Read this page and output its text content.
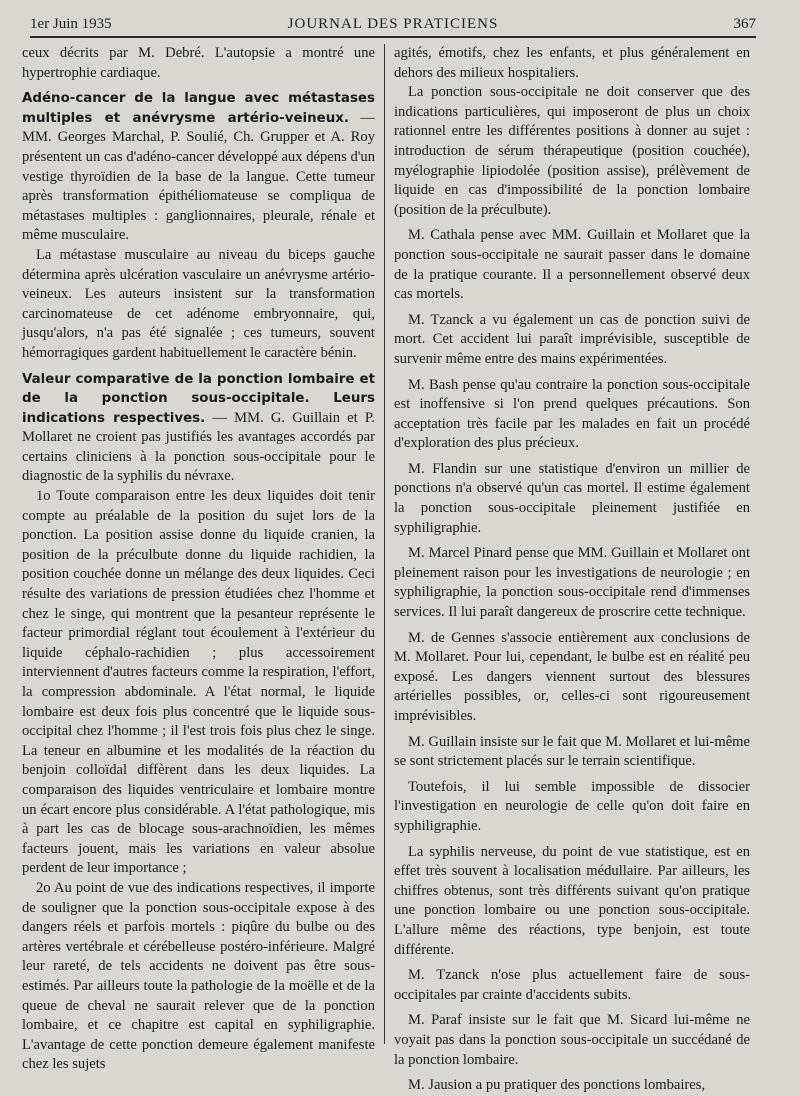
1er Juin 1935	JOURNAL DES PRATICIENS	367

ceux décrits par M. Debré. L'autopsie a montré une hypertrophie cardiaque.

Adéno-cancer de la langue avec métastases multiples et anévrysme artério-veineux. — MM. Georges Marchal, P. Soulié, Ch. Grupper et A. Roy présentent un cas d'adéno-cancer développé aux dépens d'un vestige thyroïdien de la base de la langue. Cette tumeur après transformation épithéliomateuse se compliqua de métastases multiples : ganglionnaires, pleurale, rénale et même musculaire.

La métastase musculaire au niveau du biceps gauche détermina après ulcération vasculaire un anévrysme artério-veineux. Les auteurs insistent sur la transformation carcinomateuse de cet adénome embryonnaire, qui, jusqu'alors, n'a pas été signalée ; ces tumeurs, souvent hémorragiques gardent habituellement le caractère bénin.

Valeur comparative de la ponction lombaire et de la ponction sous-occipitale. Leurs indications respectives. — MM. G. Guillain et P. Mollaret ne croient pas justifiés les avantages accordés par certains cliniciens à la ponction sous-occipitale pour le diagnostic de la syphilis du névraxe.

1o Toute comparaison entre les deux liquides doit tenir compte au préalable de la position du sujet lors de la ponction. La position assise donne du liquide cranien, la position de la préculbute donne du liquide rachidien, la position couchée donne un mélange des deux liquides. Ceci résulte des variations de pression étudiées chez l'homme et chez le singe, qui montrent que la pesanteur représente le facteur primordial réglant tout écoulement à l'extérieur du liquide céphalo-rachidien ; plus accessoirement interviennent d'autres facteurs comme la respiration, l'effort, la compression abdominale. A l'état normal, le liquide lombaire est deux fois plus concentré que le liquide sous-occipital chez l'homme ; il l'est trois fois plus chez le singe. La teneur en albumine et les modalités de la réaction du benjoin colloïdal diffèrent dans les deux liquides. La comparaison des liquides ventriculaire et lombaire montre un écart encore plus considérable. A l'état pathologique, mis à part les cas de blocage sous-arachnoïdien, les mêmes facteurs jouent, mais les variations en valeur absolue perdent de leur importance ;

2o Au point de vue des indications respectives, il importe de souligner que la ponction sous-occipitale expose à des dangers réels et parfois mortels : piqûre du bulbe ou des artères vertébrale et cérébelleuse postéro-inférieure. Malgré leur rareté, de tels accidents ne doivent pas être sous-estimés. Par ailleurs toute la pathologie de la moëlle et de la queue de cheval ne saurait relever que de la ponction lombaire, et ce chapitre est capital en syphiligraphie. L'avantage de cette ponction demeure également manifeste chez les sujets

agités, émotifs, chez les enfants, et plus généralement en dehors des milieux hospitaliers.

La ponction sous-occipitale ne doit conserver que des indications particulières, qui imposeront de plus un choix rationnel entre les différentes positions à donner au sujet : introduction de sérum thérapeutique (position couchée), myélographie lipiodolée (position assise), prélèvement de liquide en cas d'impossibilité de la ponction lombaire (position de la préculbute).

M. Cathala pense avec MM. Guillain et Mollaret que la ponction sous-occipitale ne saurait passer dans le domaine de la pratique courante. Il a personnellement observé deux cas mortels.

M. Tzanck a vu également un cas de ponction suivi de mort. Cet accident lui paraît imprévisible, susceptible de survenir même entre des mains expérimentées.

M. Bash pense qu'au contraire la ponction sous-occipitale est inoffensive si l'on prend quelques précautions. Son acceptation très facile par les malades en fait un procédé d'exploration des plus précieux.

M. Flandin sur une statistique d'environ un millier de ponctions n'a observé qu'un cas mortel. Il estime également la ponction sous-occipitale pleinement justifiée en syphiligraphie.

M. Marcel Pinard pense que MM. Guillain et Mollaret ont pleinement raison pour les investigations de neurologie ; en syphiligraphie, la ponction sous-occipitale rend d'immenses services. Il lui paraît dangereux de proscrire cette technique.

M. de Gennes s'associe entièrement aux conclusions de M. Mollaret. Pour lui, cependant, le bulbe est en réalité peu exposé. Les dangers viennent surtout des blessures artérielles possibles, or, celles-ci sont rigoureusement imprévisibles.

M. Guillain insiste sur le fait que M. Mollaret et lui-même se sont strictement placés sur le terrain scientifique.

Toutefois, il lui semble impossible de dissocier l'investigation en neurologie de celle qu'on doit faire en syphiligraphie.

La syphilis nerveuse, du point de vue statistique, est en effet très souvent à localisation médullaire. Par ailleurs, les chiffres obtenus, sont très différents suivant qu'on pratique une ponction lombaire ou une ponction sous-occipitale. L'allure même des réactions, type benjoin, est toute différente.

M. Tzanck n'ose plus actuellement faire de sous-occipitales par crainte d'accidents subits.

M. Paraf insiste sur le fait que M. Sicard lui-même ne voyait pas dans la ponction sous-occipitale un succédané de la ponction lombaire.

M. Jausion a pu pratiquer des ponctions lombaires,
